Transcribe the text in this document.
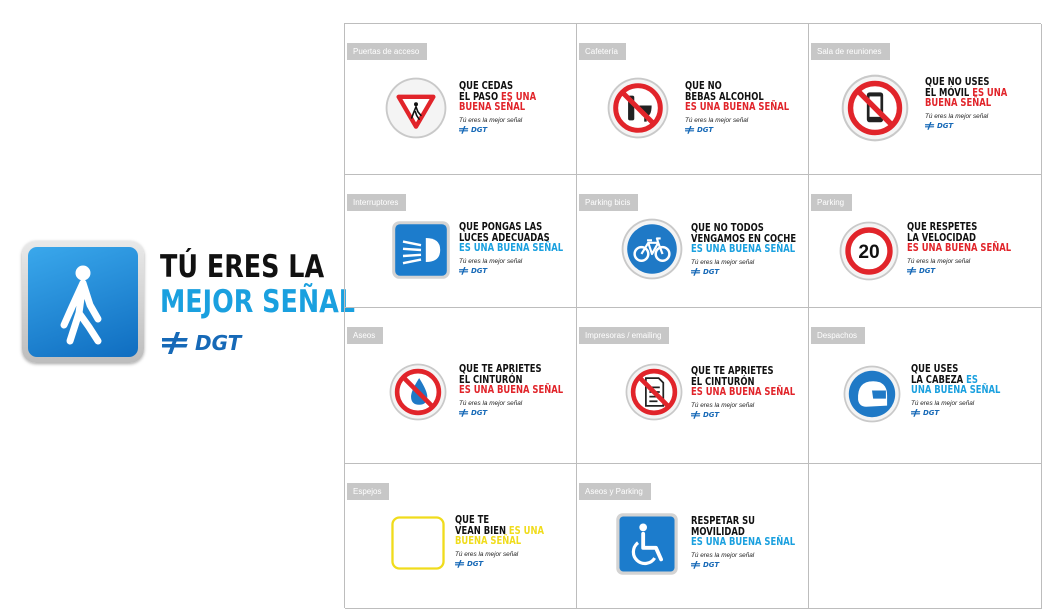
TÚ ERES LA
MEJOR SEÑAL
DGT
Puertas de acceso
QUE CEDAS
EL PASO ES UNA
BUENA SEÑAL
Tú eres la mejor señal
DGT
Cafetería
QUE NO
BEBAS ALCOHOL
ES UNA BUENA SEÑAL
Tú eres la mejor señal
DGT
Sala de reuniones
QUE NO USES
EL MÓVIL ES UNA
BUENA SEÑAL
Tú eres la mejor señal
DGT
Interruptores
QUE PONGAS LAS
LUCES ADECUADAS
ES UNA BUENA SEÑAL
Tú eres la mejor señal
DGT
Parking bicis
QUE NO TODOS
VENGAMOS EN COCHE
ES UNA BUENA SEÑAL
Tú eres la mejor señal
DGT
Parking
20
QUE RESPETES
LA VELOCIDAD
ES UNA BUENA SEÑAL
Tú eres la mejor señal
DGT
Aseos
QUE TE APRIETES
EL CINTURÓN
ES UNA BUENA SEÑAL
Tú eres la mejor señal
DGT
Impresoras / emailing
QUE TE APRIETES
EL CINTURÓN
ES UNA BUENA SEÑAL
Tú eres la mejor señal
DGT
Despachos
QUE USES
LA CABEZA ES
UNA BUENA SEÑAL
Tú eres la mejor señal
DGT
Espejos
QUE TE
VEAN BIEN ES UNA
BUENA SEÑAL
Tú eres la mejor señal
DGT
Aseos y Parking
RESPETAR SU
MOVILIDAD
ES UNA BUENA SEÑAL
Tú eres la mejor señal
DGT
